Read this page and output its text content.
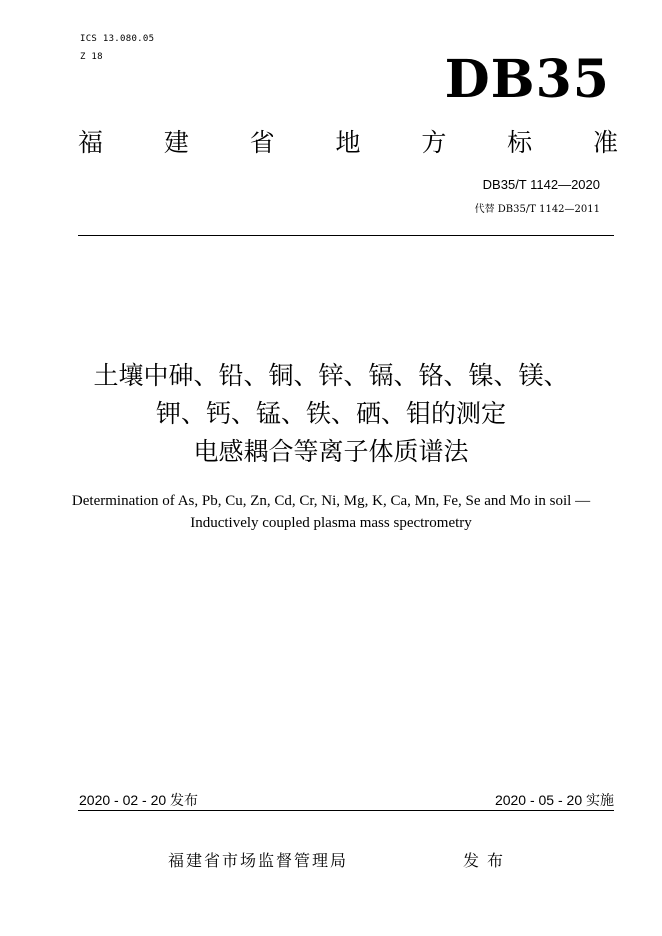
ICS 13.080.05
Z 18	DB35
福 建 省 地 方 标 准
DB35/T 1142—2020
代替 DB35/T 1142—2011
土壤中砷、铅、铜、锌、镉、铬、镍、镁、
钾、钙、锰、铁、硒、钼的测定
电感耦合等离子体质谱法
Determination of As, Pb, Cu, Zn, Cd, Cr, Ni, Mg, K, Ca, Mn, Fe, Se and Mo in soil —
Inductively coupled plasma mass spectrometry
2020 - 02 - 20 发布	2020 - 05 - 20 实施
福建省市场监督管理局	发布
